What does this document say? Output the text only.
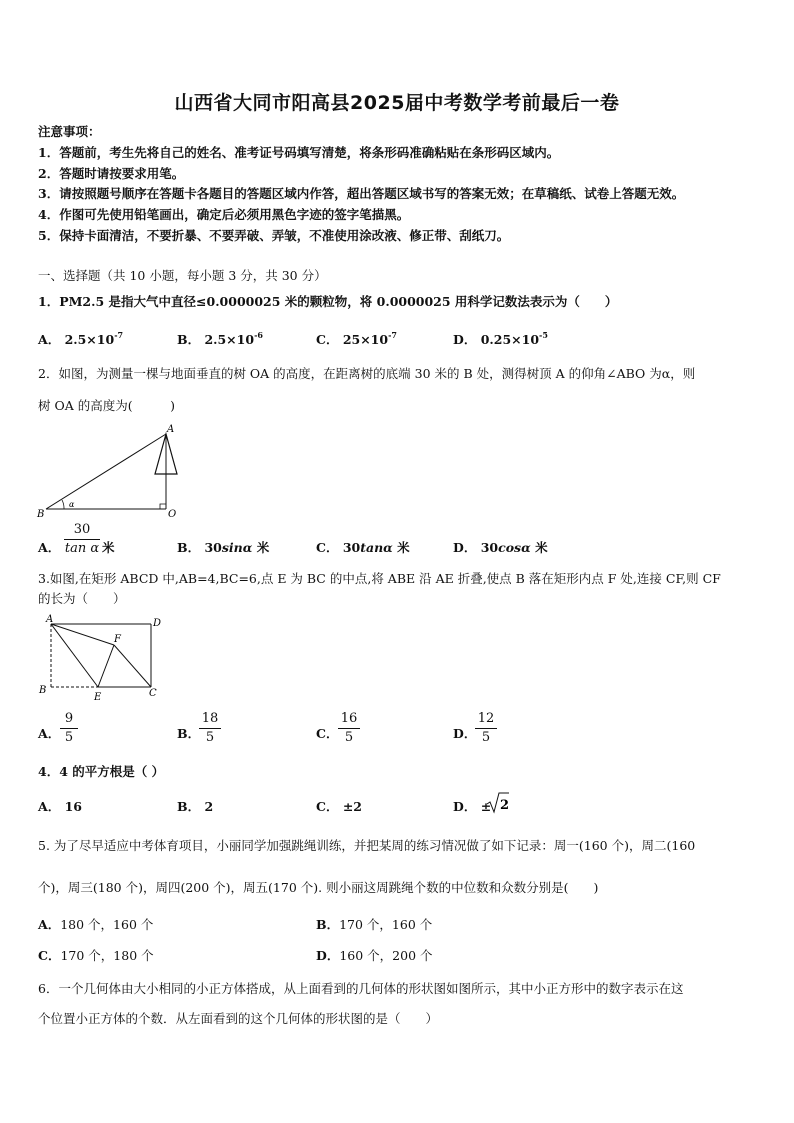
山西省大同市阳高县2025届中考数学考前最后一卷
注意事项：
1．答题前，考生先将自己的姓名、准考证号码填写清楚，将条形码准确粘贴在条形码区域内。
2．答题时请按要求用笔。
3．请按照题号顺序在答题卡各题目的答题区域内作答，超出答题区域书写的答案无效；在草稿纸、试卷上答题无效。
4．作图可先使用铅笔画出，确定后必须用黑色字迹的签字笔描黑。
5．保持卡面清洁，不要折暴、不要弄破、弄皱，不准使用涂改液、修正带、刮纸刀。
一、选择题（共 10 小题，每小题 3 分，共 30 分）
1．PM2.5 是指大气中直径≤0.0000025 米的颗粒物，将 0.0000025 用科学记数法表示为（　　）
A． $2.5\times 10^{-7}$	B． $2.5\times 10^{-6}$	C． $25\times 10^{-7}$	D． $0.25\times 10^{-5}$
2．如图，为测量一棵与地面垂直的树 OA 的高度，在距离树的底端 30 米的 B 处，测得树顶 A 的仰角∠ABO 为α，则
树 OA 的高度为(　　　)
A
B	O
α
A．
30
tan α 米	B． 30sinα 米	C． 30tanα 米	D． 30cosα 米
3.如图,在矩形 ABCD 中,AB=4,BC=6,点 E 为 BC 的中点,将 ABE 沿 AE 折叠,使点 B 落在矩形内点 F 处,连接 CF,则 CF
的长为（　　）
A	D
B	C
E
F
A．
9
5	B．
18
5	C．
16
5	D．
12
5
4．4 的平方根是（ ）
A． 16	B． 2	C． ±2	D． ± 2
5. 为了尽早适应中考体育项目，小丽同学加强跳绳训练，并把某周的练习情况做了如下记录：周一(160 个)，周二(160
个)，周三(180 个)，周四(200 个)，周五(170 个). 则小丽这周跳绳个数的中位数和众数分别是(　　)
A．180 个，160 个	B．170 个，160 个
C．170 个，180 个	D．160 个，200 个
6．一个几何体由大小相同的小正方体搭成，从上面看到的几何体的形状图如图所示，其中小正方形中的数字表示在这
个位置小正方体的个数．从左面看到的这个几何体的形状图的是（　　）
